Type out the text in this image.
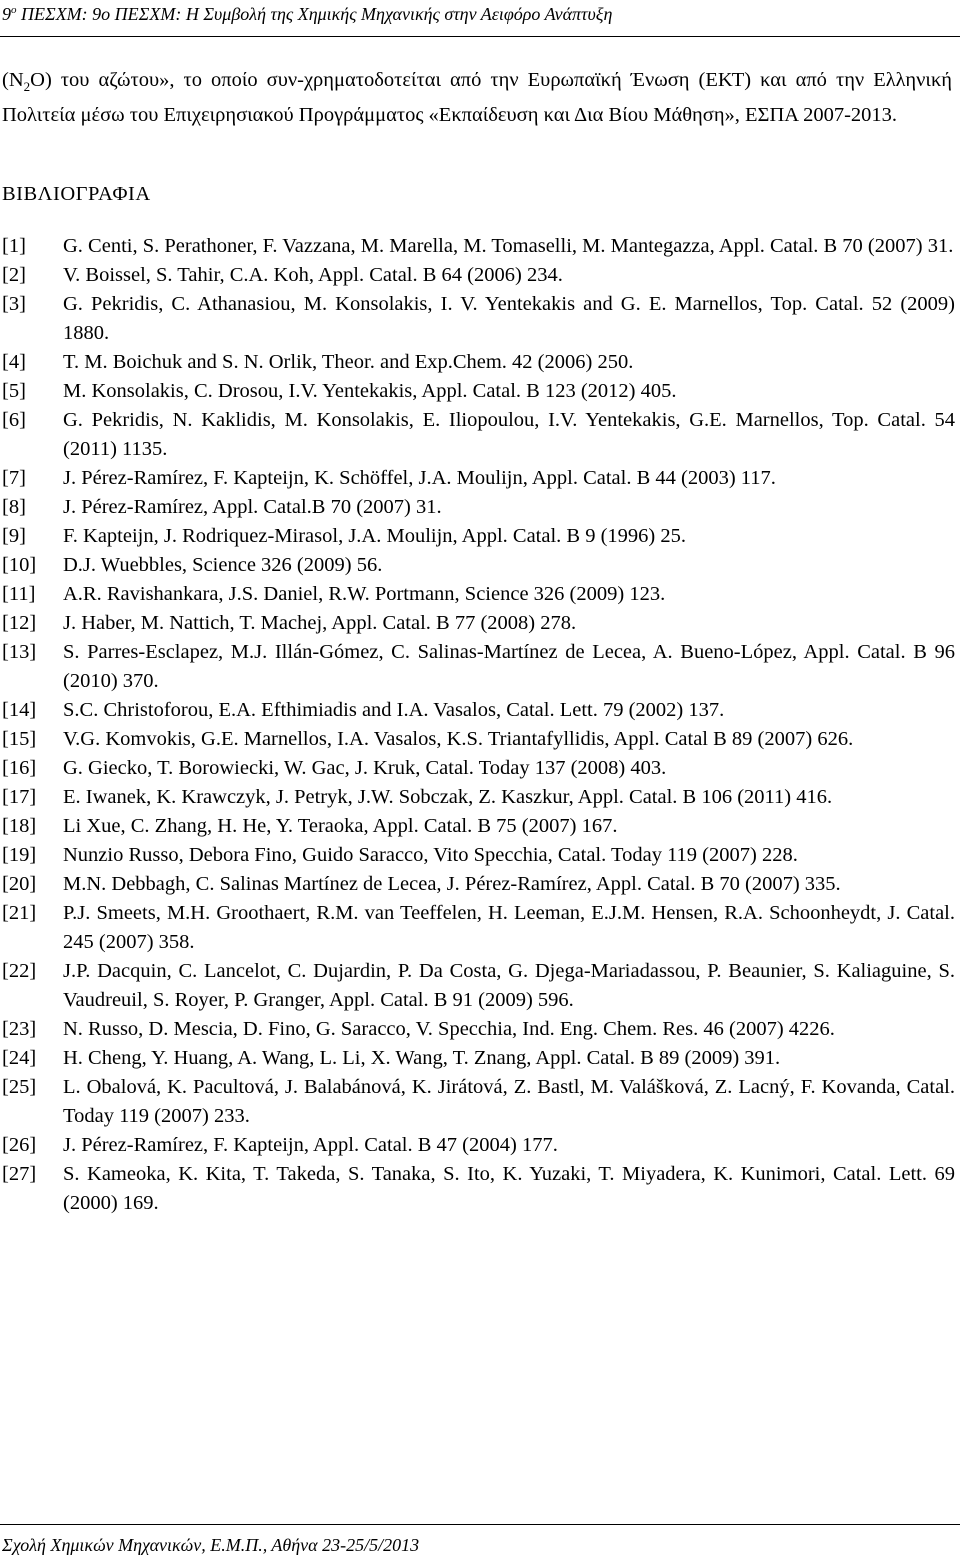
$9^o$ ΠΕΣΧΜ: 9ο ΠΕΣΧΜ: Η Συμβολή της Χημικής Μηχανικής στην Αειφόρο Ανάπτυξη
$(N_2O)$ του αζώτου», το οποίο συν-χρηματοδοτείται από την Ευρωπαϊκή Ένωση (ΕΚΤ) και από την Ελληνική Πολιτεία μέσω του Επιχειρησιακού Προγράμματος «Εκπαίδευση και Δια Βίου Μάθηση», ΕΣΠΑ 2007-2013.
ΒΙΒΛΙΟΓΡΑΦΙΑ
[1]	G. Centi, S. Perathoner, F. Vazzana, M. Marella, M. Tomaselli, M. Mantegazza, Appl. Catal. B 70 (2007) 31.
[2]	V. Boissel, S. Tahir, C.A. Koh, Appl. Catal. B 64 (2006) 234.
[3]	G. Pekridis, C. Athanasiou, M. Konsolakis, I. V. Yentekakis and G. E. Marnellos, Top. Catal. 52 (2009) 1880.
[4]	T. M. Boichuk and S. N. Orlik, Theor. and Exp.Chem. 42 (2006) 250.
[5]	M. Konsolakis, C. Drosou, I.V. Yentekakis, Appl. Catal. B 123 (2012) 405.
[6]	G. Pekridis, N. Kaklidis, M. Konsolakis, E. Iliopoulou, I.V. Yentekakis, G.E. Marnellos, Top. Catal. 54 (2011) 1135.
[7]	J. Pérez-Ramírez, F. Kapteijn, K. Schöffel, J.A. Moulijn, Appl. Catal. B 44 (2003) 117.
[8]	J. Pérez-Ramírez, Appl. Catal.B 70 (2007) 31.
[9]	F. Kapteijn, J. Rodriquez-Mirasol, J.A. Moulijn, Appl. Catal. B 9 (1996) 25.
[10]	D.J. Wuebbles, Science 326 (2009) 56.
[11]	A.R. Ravishankara, J.S. Daniel, R.W. Portmann, Science 326 (2009) 123.
[12]	J. Haber, M. Nattich, T. Machej, Appl. Catal. B 77 (2008) 278.
[13]	S. Parres-Esclapez, M.J. Illán-Gómez, C. Salinas-Martínez de Lecea, A. Bueno-López, Appl. Catal. B 96 (2010) 370.
[14]	S.C. Christoforou, E.A. Efthimiadis and I.A. Vasalos, Catal. Lett. 79 (2002) 137.
[15]	V.G. Komvokis, G.E. Marnellos, I.A. Vasalos, K.S. Triantafyllidis, Appl. Catal B 89 (2007) 626.
[16]	G. Giecko, T. Borowiecki, W. Gac, J. Kruk, Catal. Today 137 (2008) 403.
[17]	E. Iwanek, K. Krawczyk, J. Petryk, J.W. Sobczak, Z. Kaszkur, Appl. Catal. B 106 (2011) 416.
[18]	Li Xue, C. Zhang, H. He, Y. Teraoka, Appl. Catal. B 75 (2007) 167.
[19]	Nunzio Russo, Debora Fino, Guido Saracco, Vito Specchia, Catal. Today 119 (2007) 228.
[20]	M.N. Debbagh, C. Salinas Martínez de Lecea, J. Pérez-Ramírez, Appl. Catal. B 70 (2007) 335.
[21]	P.J. Smeets, M.H. Groothaert, R.M. van Teeffelen, H. Leeman, E.J.M. Hensen, R.A. Schoonheydt, J. Catal. 245 (2007) 358.
[22]	J.P. Dacquin, C. Lancelot, C. Dujardin, P. Da Costa, G. Djega-Mariadassou, P. Beaunier, S. Kaliaguine, S. Vaudreuil, S. Royer, P. Granger, Appl. Catal. B 91 (2009) 596.
[23]	N. Russo, D. Mescia, D. Fino, G. Saracco, V. Specchia, Ind. Eng. Chem. Res. 46 (2007) 4226.
[24]	H. Cheng, Y. Huang, A. Wang, L. Li, X. Wang, T. Znang, Appl. Catal. B 89 (2009) 391.
[25]	L. Obalová, K. Pacultová, J. Balabánová, K. Jirátová, Z. Bastl, M. Valášková, Z. Lacný, F. Kovanda, Catal. Today 119 (2007) 233.
[26]	J. Pérez-Ramírez, F. Kapteijn, Appl. Catal. B 47 (2004) 177.
[27]	S. Kameoka, K. Kita, T. Takeda, S. Tanaka, S. Ito, K. Yuzaki, T. Miyadera, K. Kunimori, Catal. Lett. 69 (2000) 169.
Σχολή Χημικών Μηχανικών, Ε.Μ.Π., Αθήνα 23-25/5/2013
